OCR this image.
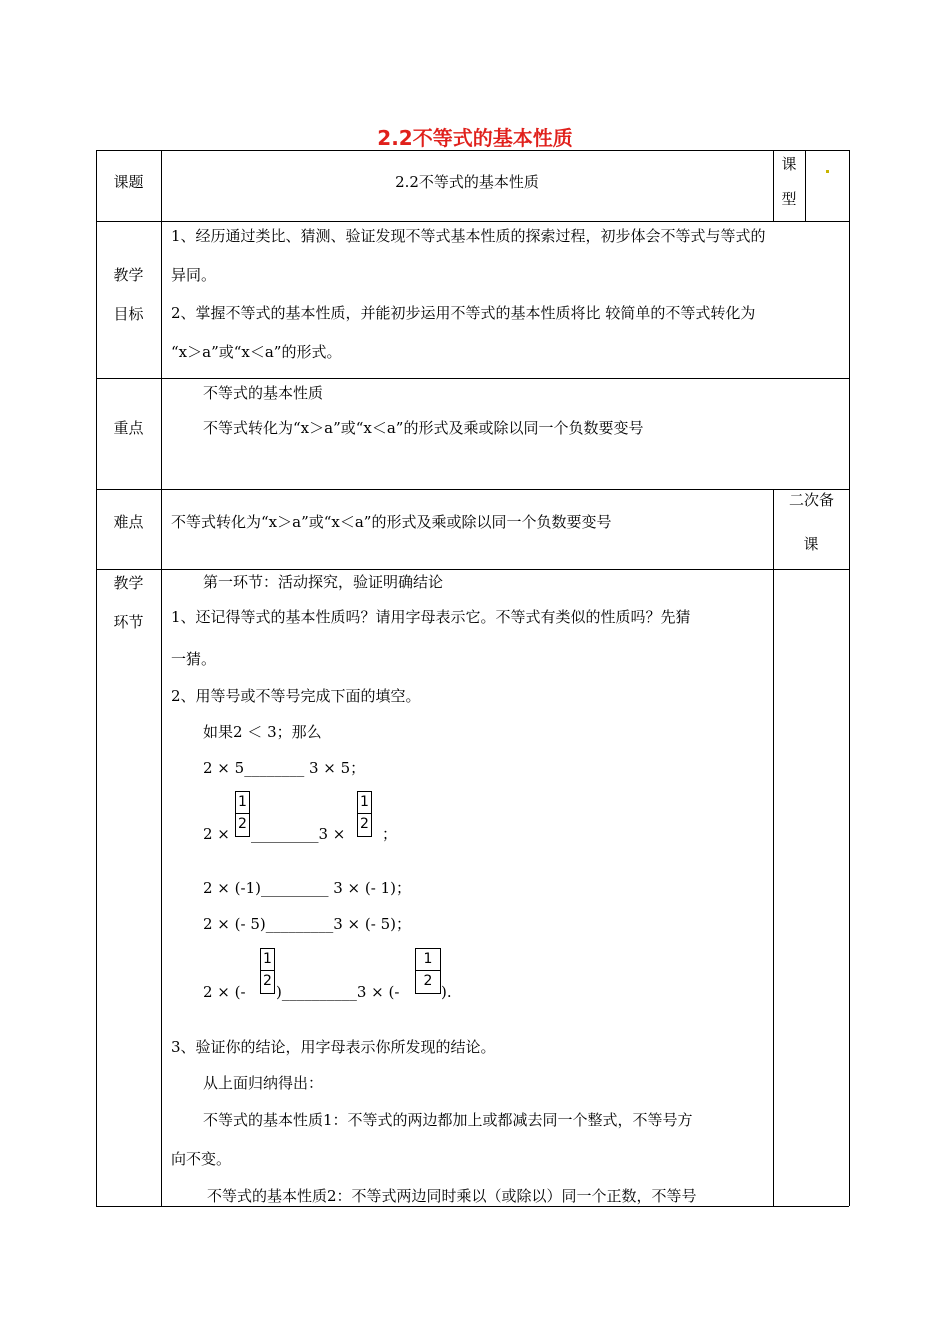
2.2不等式的基本性质
课题	2.2不等式的基本性质
课
型
教学
目标
1、经历通过类比、猜测、验证发现不等式基本性质的探索过程，初步体会不等式与等式的
异同。
2、掌握不等式的基本性质，并能初步运用不等式的基本性质将比 较简单的不等式转化为
“x＞a”或“x＜a”的形式。
重点
不等式的基本性质
不等式转化为“x＞a”或“x＜a”的形式及乘或除以同一个负数要变号
难点	不等式转化为“x＞a”或“x＜a”的形式及乘或除以同一个负数要变号
二次备
课
教学
环节
第一环节：活动探究，验证明确结论
1、还记得等式的基本性质吗？请用字母表示它。不等式有类似的性质吗？先猜
一猜。
2、用等号或不等号完成下面的填空。
如果2 ＜ 3；那么
2 × 5________ 3 × 5；
$2 \times \frac{1}{2}$ _________3 × $\frac{1}{2}$ ；
2 × (-1)_________ 3 × (- 1)；
2 × (- 5)_________3 × (- 5)；
2 × (- $\frac{1}{2}$ )__________3 × (- $\frac{1}{2}$ ).
3、验证你的结论，用字母表示你所发现的结论。
从上面归纳得出：
不等式的基本性质1：不等式的两边都加上或都减去同一个整式，不等号方
向不变。
不等式的基本性质2：不等式两边同时乘以（或除以）同一个正数，不等号
